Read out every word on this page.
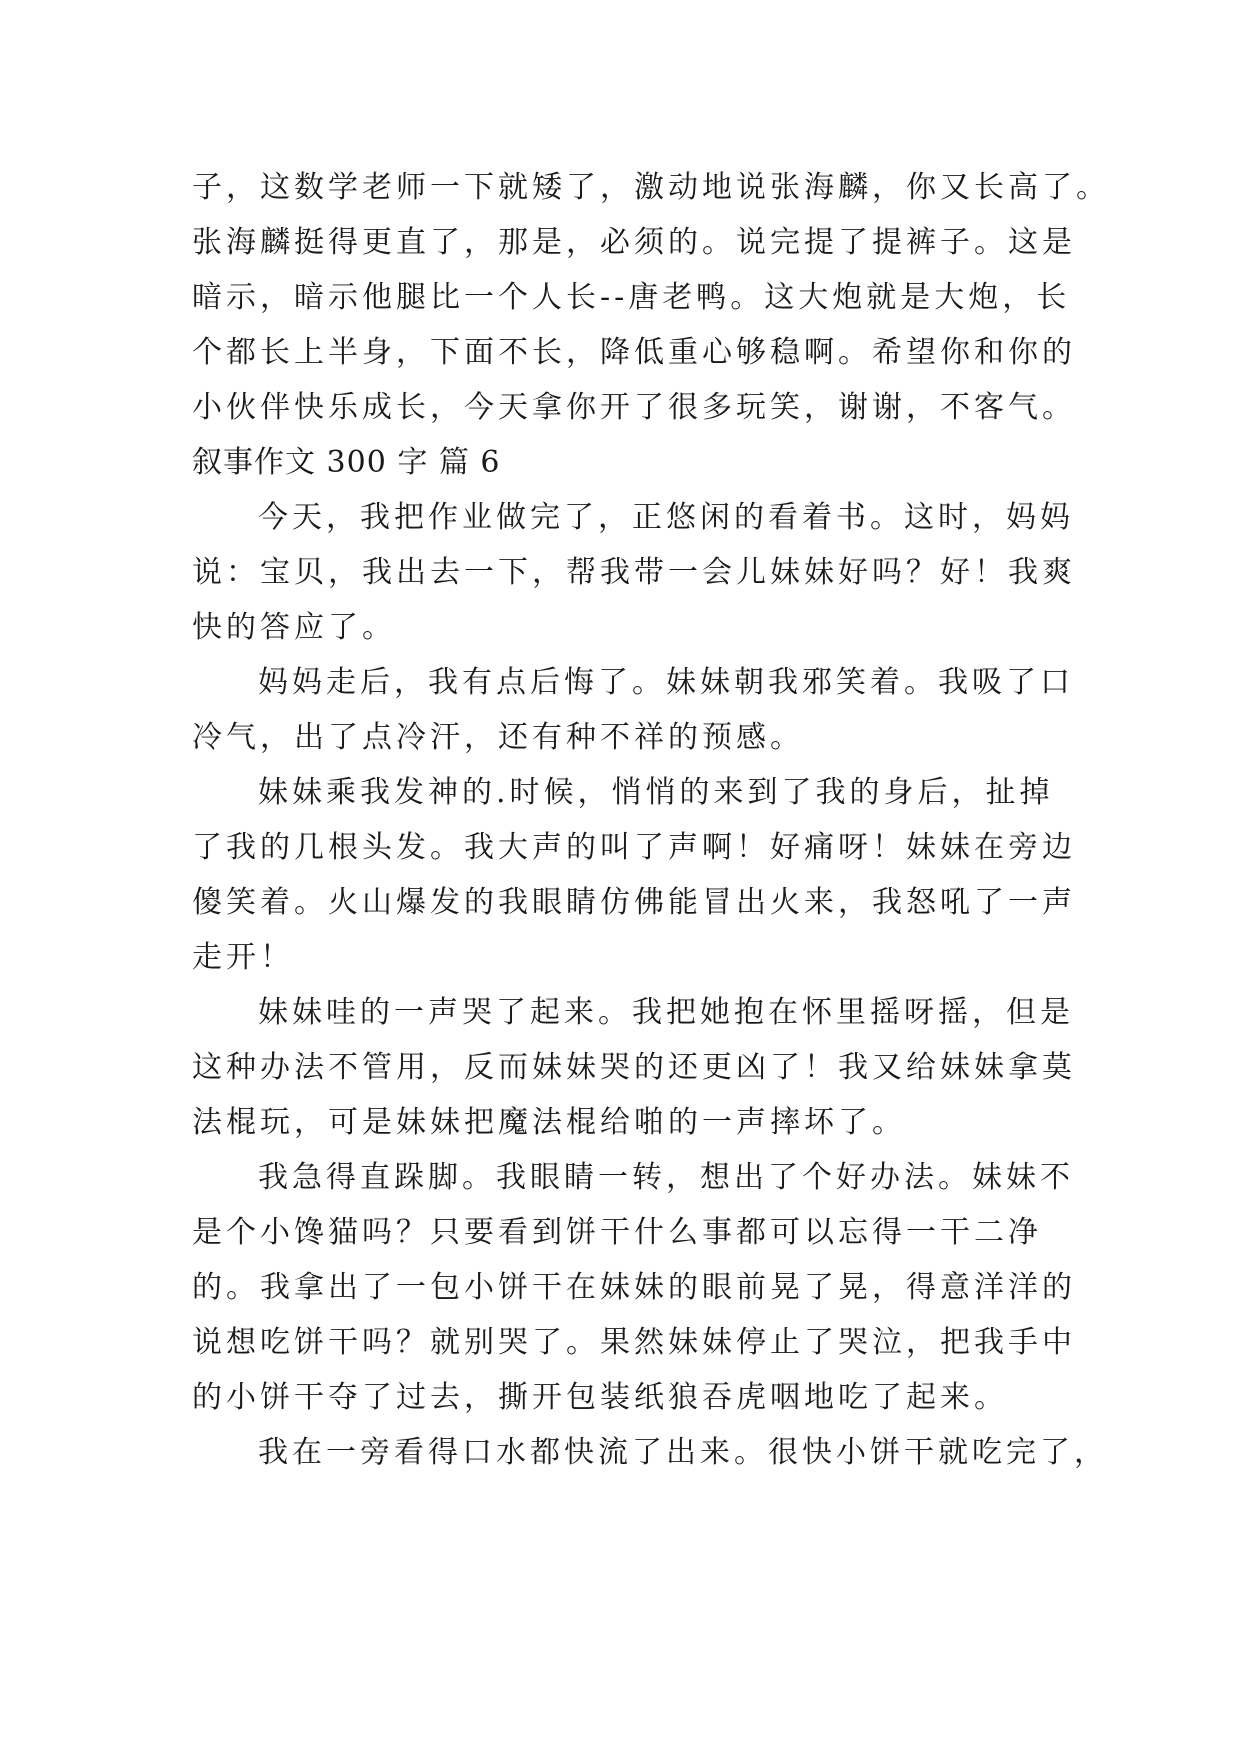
子，这数学老师一下就矮了，激动地说张海麟，你又长高了。
张海麟挺得更直了，那是，必须的。说完提了提裤子。这是
暗示，暗示他腿比一个人长--唐老鸭。这大炮就是大炮，长
个都长上半身，下面不长，降低重心够稳啊。希望你和你的
小伙伴快乐成长，今天拿你开了很多玩笑，谢谢，不客气。
叙事作文 300 字 篇 6
今天，我把作业做完了，正悠闲的看着书。这时，妈妈
说：宝贝，我出去一下，帮我带一会儿妹妹好吗？好！我爽
快的答应了。
妈妈走后，我有点后悔了。妹妹朝我邪笑着。我吸了口
冷气，出了点冷汗，还有种不祥的预感。
妹妹乘我发神的.时候，悄悄的来到了我的身后，扯掉
了我的几根头发。我大声的叫了声啊！好痛呀！妹妹在旁边
傻笑着。火山爆发的我眼睛仿佛能冒出火来，我怒吼了一声
走开！
妹妹哇的一声哭了起来。我把她抱在怀里摇呀摇，但是
这种办法不管用，反而妹妹哭的还更凶了！我又给妹妹拿莫
法棍玩，可是妹妹把魔法棍给啪的一声摔坏了。
我急得直跺脚。我眼睛一转，想出了个好办法。妹妹不
是个小馋猫吗？只要看到饼干什么事都可以忘得一干二净
的。我拿出了一包小饼干在妹妹的眼前晃了晃，得意洋洋的
说想吃饼干吗？就别哭了。果然妹妹停止了哭泣，把我手中
的小饼干夺了过去，撕开包装纸狼吞虎咽地吃了起来。
我在一旁看得口水都快流了出来。很快小饼干就吃完了，
